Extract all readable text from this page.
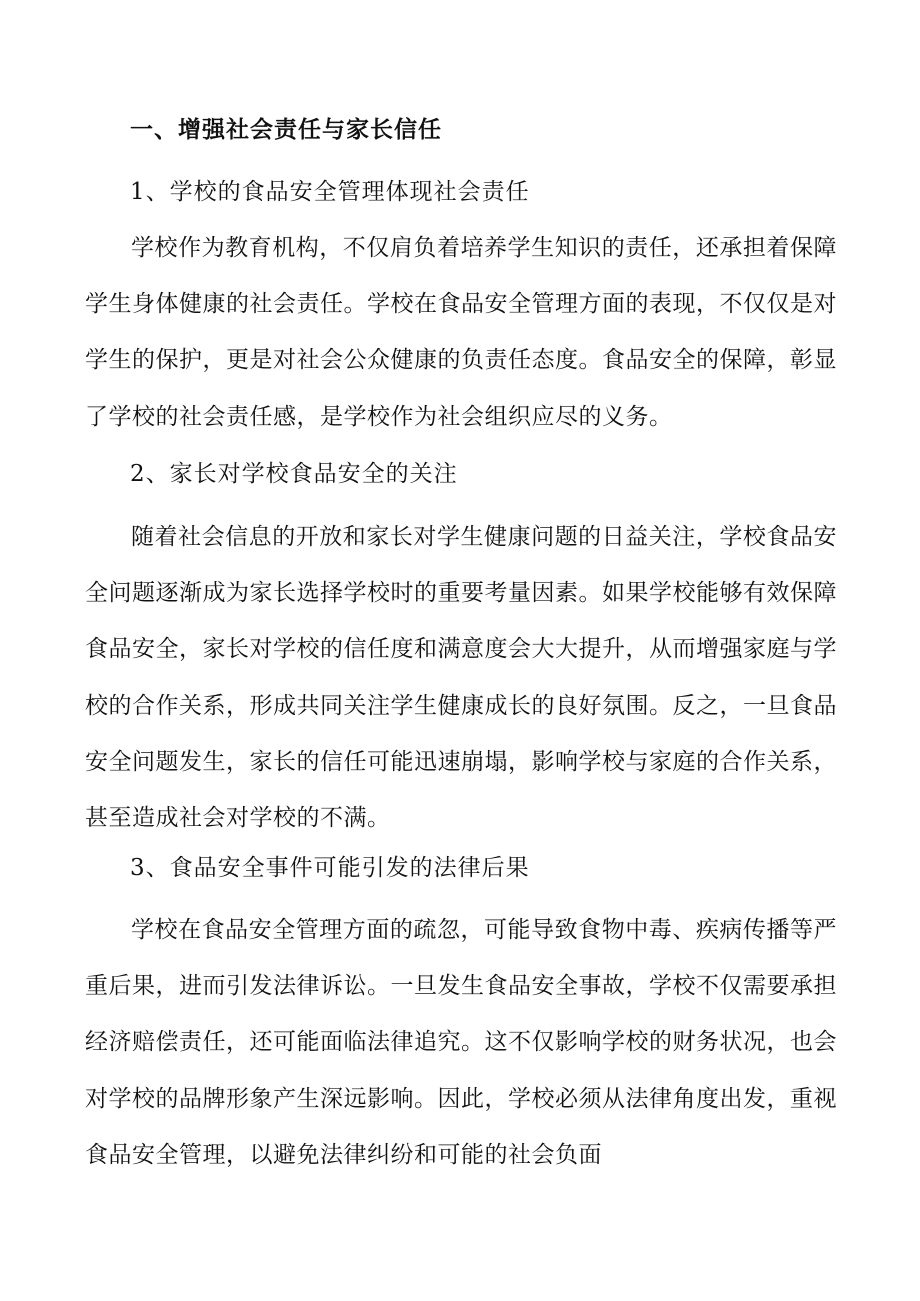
一、增强社会责任与家长信任
1、学校的食品安全管理体现社会责任
学校作为教育机构，不仅肩负着培养学生知识的责任，还承担着保障学生身体健康的社会责任。学校在食品安全管理方面的表现，不仅仅是对学生的保护，更是对社会公众健康的负责任态度。食品安全的保障，彰显了学校的社会责任感，是学校作为社会组织应尽的义务。
2、家长对学校食品安全的关注
随着社会信息的开放和家长对学生健康问题的日益关注，学校食品安全问题逐渐成为家长选择学校时的重要考量因素。如果学校能够有效保障食品安全，家长对学校的信任度和满意度会大大提升，从而增强家庭与学校的合作关系，形成共同关注学生健康成长的良好氛围。反之，一旦食品安全问题发生，家长的信任可能迅速崩塌，影响学校与家庭的合作关系，甚至造成社会对学校的不满。
3、食品安全事件可能引发的法律后果
学校在食品安全管理方面的疏忽，可能导致食物中毒、疾病传播等严重后果，进而引发法律诉讼。一旦发生食品安全事故，学校不仅需要承担经济赔偿责任，还可能面临法律追究。这不仅影响学校的财务状况，也会对学校的品牌形象产生深远影响。因此，学校必须从法律角度出发，重视食品安全管理，以避免法律纠纷和可能的社会负面
